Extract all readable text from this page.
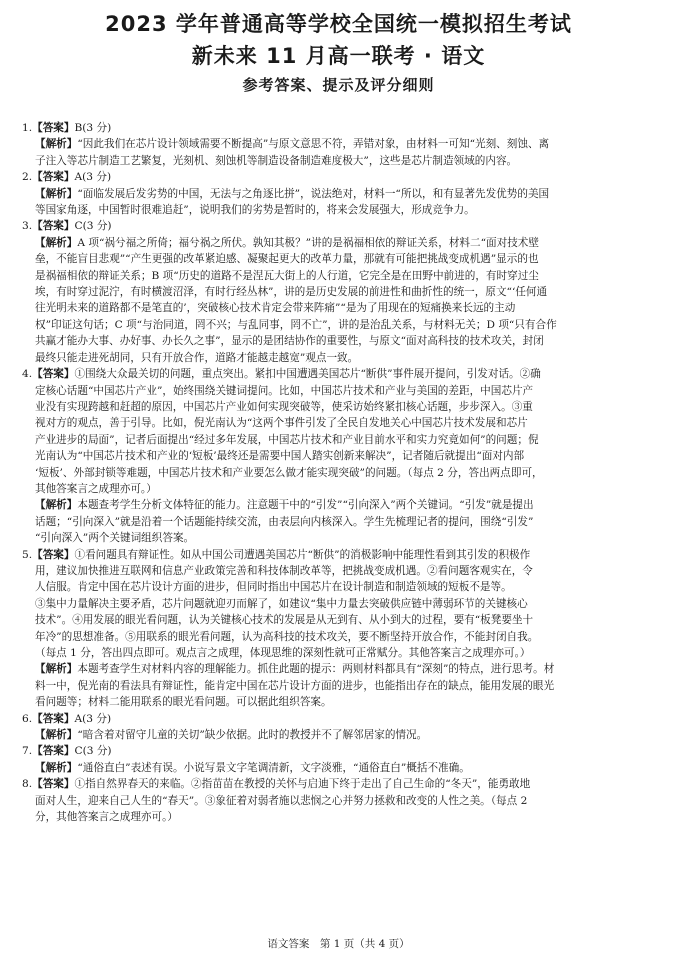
2023 学年普通高等学校全国统一模拟招生考试
新未来 11 月高一联考 · 语文
参考答案、提示及评分细则

1.【答案】B(3 分)

【解析】“因此我们在芯片设计领域需要不断提高”与原文意思不符，弄错对象，由材料一可知“光刻、刻蚀、离

子注入等芯片制造工艺繁复，光刻机、刻蚀机等制造设备制造难度极大”，这些是芯片制造领域的内容。

2.【答案】A(3 分)

【解析】“面临发展后发劣势的中国，无法与之角逐比拼”，说法绝对，材料一“所以，和有显著先发优势的美国

等国家角逐，中国暂时很难追赶”，说明我们的劣势是暂时的，将来会发展强大，形成竞争力。

3.【答案】C(3 分)

【解析】A 项“祸兮福之所倚；福兮祸之所伏。孰知其极？”讲的是祸福相依的辩证关系，材料二“面对技术壁

垒，不能盲目悲观”“产生更强的改革紧迫感、凝聚起更大的改革力量，那就有可能把挑战变成机遇”显示的也

是祸福相依的辩证关系；B 项“历史的道路不是涅瓦大街上的人行道，它完全是在田野中前进的，有时穿过尘

埃，有时穿过泥泞，有时横渡沼泽，有时行经丛林”，讲的是历史发展的前进性和曲折性的统一，原文“‘任何通

往光明未来的道路都不是笔直的’，突破核心技术肯定会带来阵痛”“是为了用现在的短痛换来长远的主动

权”印证这句话；C 项“与治同道，罔不兴；与乱同事，罔不亡”，讲的是治乱关系，与材料无关；D 项“只有合作

共赢才能办大事、办好事、办长久之事”，显示的是团结协作的重要性，与原文“面对高科技的技术攻关，封闭

最终只能走进死胡同，只有开放合作，道路才能越走越宽”观点一致。

4.【答案】①围绕大众最关切的问题，重点突出。紧扣中国遭遇美国芯片“断供”事件展开提问，引发对话。②确

定核心话题“中国芯片产业”，始终围绕关键词提问。比如，中国芯片技术和产业与美国的差距，中国芯片产

业没有实现跨越和赶超的原因，中国芯片产业如何实现突破等，使采访始终紧扣核心话题，步步深入。③重

视对方的观点，善于引导。比如，倪光南认为“这两个事件引发了全民自发地关心中国芯片技术发展和芯片

产业进步的局面”，记者后面提出“经过多年发展，中国芯片技术和产业目前水平和实力究竟如何”的问题；倪

光南认为“中国芯片技术和产业的‘短板’最终还是需要中国人踏实创新来解决”，记者随后就提出“面对内部

‘短板’、外部封锁等难题，中国芯片技术和产业要怎么做才能实现突破”的问题。（每点 2 分，答出两点即可，

其他答案言之成理亦可。）

【解析】本题查考学生分析文体特征的能力。注意题干中的“引发”“引向深入”两个关键词。“引发”就是提出

话题；“引向深入”就是沿着一个话题能持续交流，由表层向内核深入。学生先梳理记者的提问，围绕“引发”

“引向深入”两个关键词组织答案。

5.【答案】①看问题具有辩证性。如从中国公司遭遇美国芯片“断供”的消极影响中能理性看到其引发的积极作

用，建议加快推进互联网和信息产业政策完善和科技体制改革等，把挑战变成机遇。②看问题客观实在，令

人信服。肯定中国在芯片设计方面的进步，但同时指出中国芯片在设计制造和制造领域的短板不是等。

③集中力量解决主要矛盾，芯片问题就迎刃而解了，如建议“集中力量去突破供应链中薄弱环节的关键核心

技术”。④用发展的眼光看问题，认为关键核心技术的发展是从无到有、从小到大的过程，要有“板凳要坐十

年冷”的思想准备。⑤用联系的眼光看问题，认为高科技的技术攻关，要不断坚持开放合作，不能封闭自我。

（每点 1 分，答出四点即可。观点言之成理，体现思维的深刻性就可正常赋分。其他答案言之成理亦可。）

【解析】本题考查学生对材料内容的理解能力。抓住此题的提示：两则材料都具有“深刻”的特点，进行思考。材

料一中，倪光南的看法具有辩证性，能肯定中国在芯片设计方面的进步，也能指出存在的缺点，能用发展的眼光

看问题等；材料二能用联系的眼光看问题。可以据此组织答案。

6.【答案】A(3 分)

【解析】“暗含着对留守儿童的关切”缺少依据。此时的教授并不了解邻居家的情况。

7.【答案】C(3 分)

【解析】“通俗直白”表述有误。小说写景文字笔调清新，文字淡雅，“通俗直白”概括不准确。

8.【答案】①指自然界春天的来临。②指苗苗在教授的关怀与启迪下终于走出了自己生命的“冬天”，能勇敢地

面对人生，迎来自己人生的“春天”。③象征着对弱者施以悲悯之心并努力拯救和改变的人性之美。（每点 2

分，其他答案言之成理亦可。）

语文答案　第 1 页（共 4 页）
